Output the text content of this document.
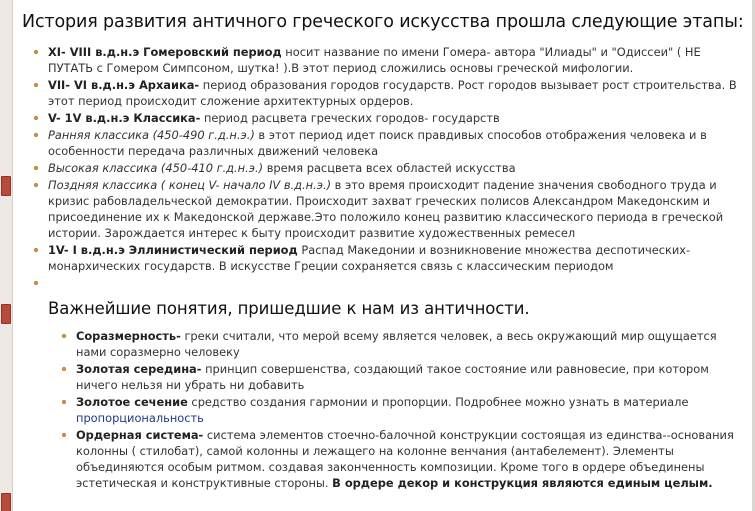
История развития античного греческого искусства прошла следующие этапы:
XI- VIII в.д.н.э Гомеровский период носит название по имени Гомера- автора "Илиады" и "Одиссеи" ( НЕ ПУТАТЬ с Гомером Симпсоном, шутка! ).В этот период сложились основы греческой мифологии.
VII- VI в.д.н.э Архаика- период образования городов государств. Рост городов вызывает рост строительства. В этот период происходит сложение архитектурных ордеров.
V- 1V в.д.н.э Классика- период расцвета греческих городов- государств
Ранняя классика (450-490 г.д.н.э.) в этот период идет поиск правдивых способов отображения человека и в особенности передача различных движений человека
Высокая классика (450-410 г.д.н.э.) время расцвета всех областей искусства
Поздняя классика ( конец V- начало IV в.д.н.э.) в это время происходит падение значения свободного труда и кризис рабовладельческой демократии. Происходит захват греческих полисов Александром Македонским и присоединение их к Македонской державе.Это положило конец развитию классического периода в греческой истории. Зарождается интерес к быту происходит развитие художественных ремесел
1V- I в.д.н.э Эллинистический период Распад Македонии и возникновение множества деспотических-монархических государств. В искусстве Греции сохраняется связь с классическим периодом

Важнейшие понятия, пришедшие к нам из античности.
Соразмерность- греки считали, что мерой всему является человек, а весь окружающий мир ощущается нами соразмерно человеку
Золотая середина- принцип совершенства, создающий такое состояние или равновесие, при котором ничего нельзя ни убрать ни добавить
Золотое сечение средство создания гармонии и пропорции. Подробнее можно узнать в материале пропорциональность
Ордерная система- система элементов стоечно-балочной конструкции состоящая из единства--основания колонны ( стилобат), самой колонны и лежащего на колонне венчания (антабелемент). Элементы объединяются особым ритмом. создавая законченность композиции. Кроме того в ордере объединены эстетическая и конструктивные стороны. В ордере декор и конструкция являются единым целым.
